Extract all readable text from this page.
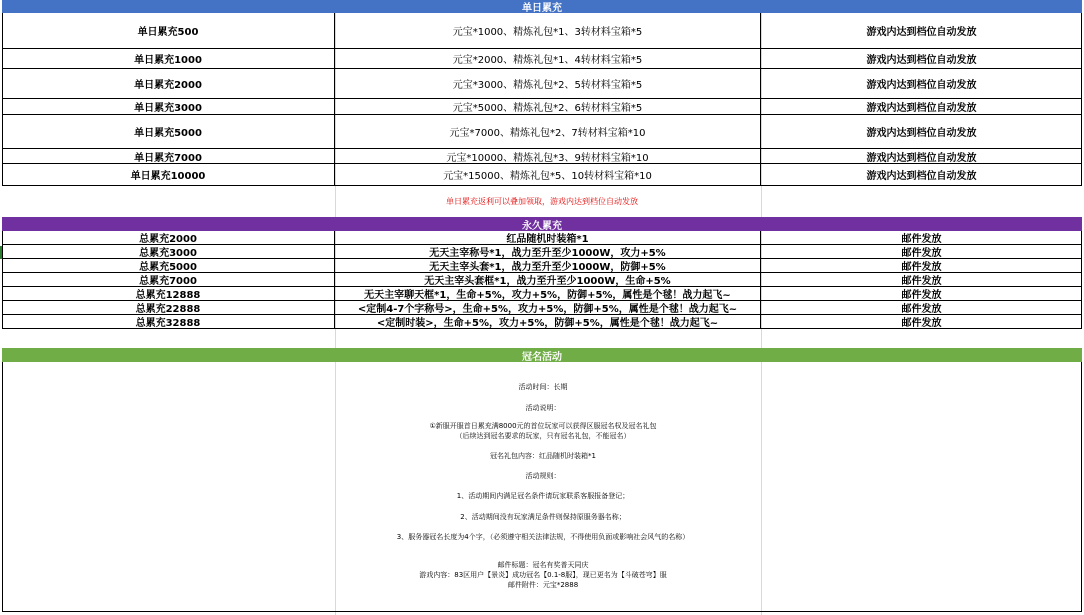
单日累充
单日累充500	元宝*1000、精炼礼包*1、3转材料宝箱*5	游戏内达到档位自动发放
单日累充1000	元宝*2000、精炼礼包*1、4转材料宝箱*5	游戏内达到档位自动发放
单日累充2000	元宝*3000、精炼礼包*2、5转材料宝箱*5	游戏内达到档位自动发放
单日累充3000	元宝*5000、精炼礼包*2、6转材料宝箱*5	游戏内达到档位自动发放
单日累充5000	元宝*7000、精炼礼包*2、7转材料宝箱*10	游戏内达到档位自动发放
单日累充7000	元宝*10000、精炼礼包*3、9转材料宝箱*10	游戏内达到档位自动发放
单日累充10000	元宝*15000、精炼礼包*5、10转材料宝箱*10	游戏内达到档位自动发放
单日累充返利可以叠加领取，游戏内达到档位自动发放
永久累充
总累充2000	红品随机时装箱*1	邮件发放
总累充3000	无天主宰称号*1，战力至升至少1000W，攻力+5%	邮件发放
总累充5000	无天主宰头套*1，战力至升至少1000W，防御+5%	邮件发放
总累充7000	无天主宰头套框*1，战力至升至少1000W，生命+5%	邮件发放
总累充12888	无天主宰聊天框*1，生命+5%，攻力+5%，防御+5%，属性是个毬！战力起飞~	邮件发放
总累充22888	<定制4-7个字称号>，生命+5%，攻力+5%，防御+5%，属性是个毬！战力起飞~	邮件发放
总累充32888	<定制时装>，生命+5%，攻力+5%，防御+5%，属性是个毬！战力起飞~	邮件发放
冠名活动
活动时间：长期
活动说明：
①新服开服首日累充满8000元的首位玩家可以获得区服冠名权及冠名礼包
（后续达到冠名要求的玩家，只有冠名礼包，不能冠名）
冠名礼包内容：红品随机时装箱*1
活动规则：
1、活动期间内满足冠名条件请玩家联系客服报备登记；
2、活动期间没有玩家满足条件则保持原服务器名称；
3、服务器冠名长度为4个字，（必须遵守相关法律法规，不得使用负面或影响社会风气的名称）
邮件标题：冠名有奖普天同庆
游戏内容：83区用户【景炎】成功冠名【0.1-8服】，现已更名为【斗破苍穹】服
邮件附件：元宝*2888
